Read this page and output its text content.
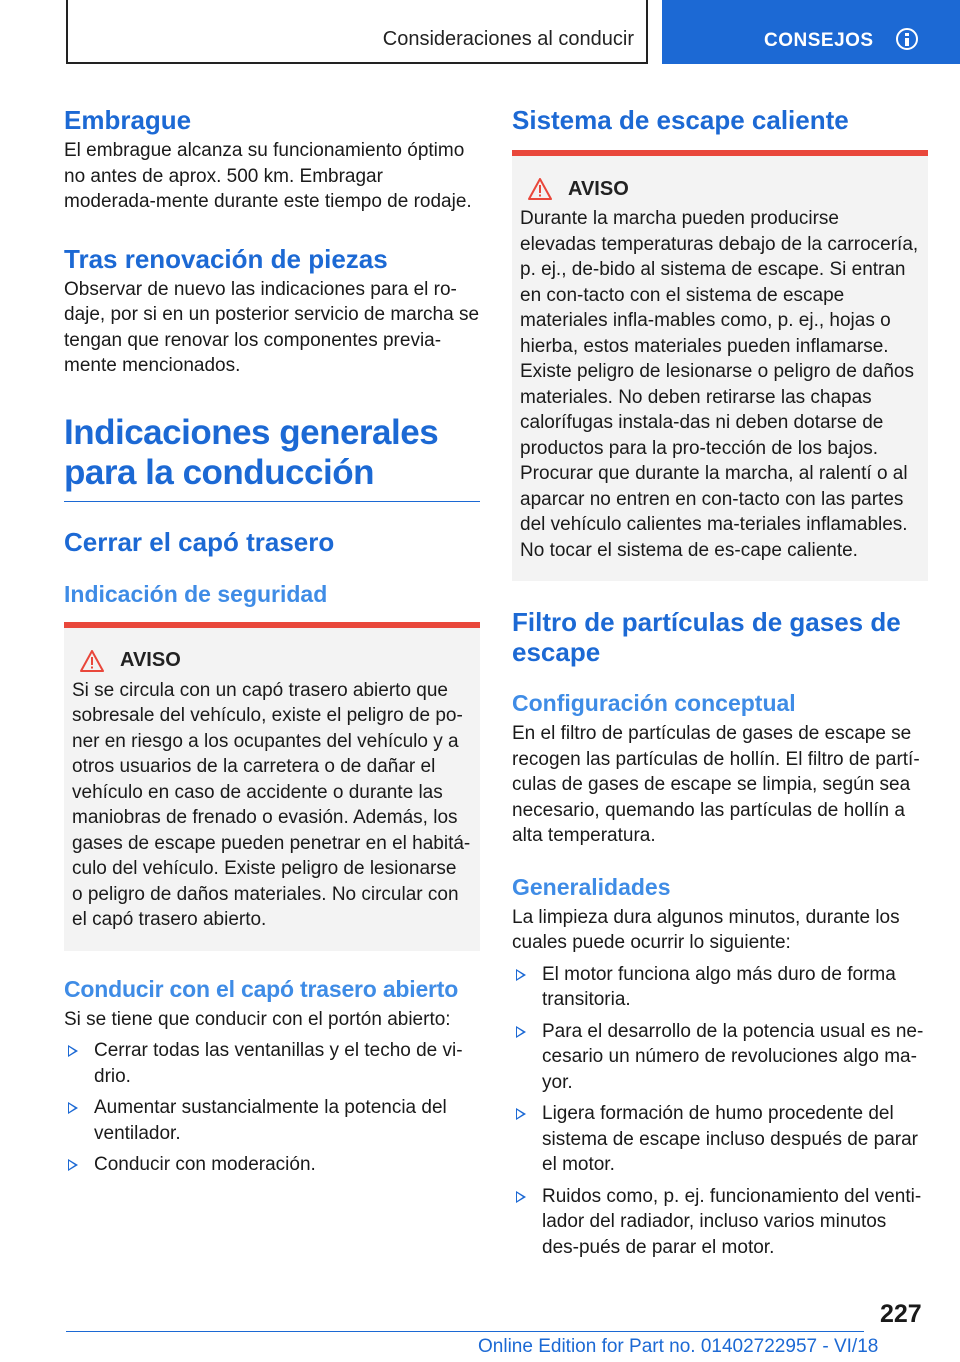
Consideraciones al conducir	CONSEJOS
Embrague

El embrague alcanza su funcionamiento óptimo no antes de aprox. 500 km. Embragar moderada‐mente durante este tiempo de rodaje.

Tras renovación de piezas

Observar de nuevo las indicaciones para el ro‐daje, por si en un posterior servicio de marcha se tengan que renovar los componentes previa‐mente mencionados.

Indicaciones generales
para la conducción
Cerrar el capó trasero
Indicación de seguridad
AVISO

Si se circula con un capó trasero abierto que sobresale del vehículo, existe el peligro de po‐ner en riesgo a los ocupantes del vehículo y a otros usuarios de la carretera o de dañar el vehículo en caso de accidente o durante las maniobras de frenado o evasión. Además, los gases de escape pueden penetrar en el habitá‐culo del vehículo. Existe peligro de lesionarse o peligro de daños materiales. No circular con el capó trasero abierto.

Conducir con el capó trasero abierto

Si se tiene que conducir con el portón abierto:

Cerrar todas las ventanillas y el techo de vi‐drio.
Aumentar sustancialmente la potencia del ventilador.
Conducir con moderación.
Sistema de escape caliente
AVISO

Durante la marcha pueden producirse elevadas temperaturas debajo de la carrocería, p. ej., de‐bido al sistema de escape. Si entran en con‐tacto con el sistema de escape materiales infla‐mables como, p. ej., hojas o hierba, estos materiales pueden inflamarse. Existe peligro de lesionarse o peligro de daños materiales. No deben retirarse las chapas calorífugas instala‐das ni deben dotarse de productos para la pro‐tección de los bajos. Procurar que durante la marcha, al ralentí o al aparcar no entren en con‐tacto con las partes del vehículo calientes ma‐teriales inflamables. No tocar el sistema de es‐cape caliente.

Filtro de partículas de gases de escape
Configuración conceptual

En el filtro de partículas de gases de escape se recogen las partículas de hollín. El filtro de partí‐culas de gases de escape se limpia, según sea necesario, quemando las partículas de hollín a alta temperatura.

Generalidades

La limpieza dura algunos minutos, durante los cuales puede ocurrir lo siguiente:

El motor funciona algo más duro de forma transitoria.
Para el desarrollo de la potencia usual es ne‐cesario un número de revoluciones algo ma‐yor.
Ligera formación de humo procedente del sistema de escape incluso después de parar el motor.
Ruidos como, p. ej. funcionamiento del venti‐lador del radiador, incluso varios minutos des‐pués de parar el motor.
227
Online Edition for Part no. 01402722957 - VI/18
